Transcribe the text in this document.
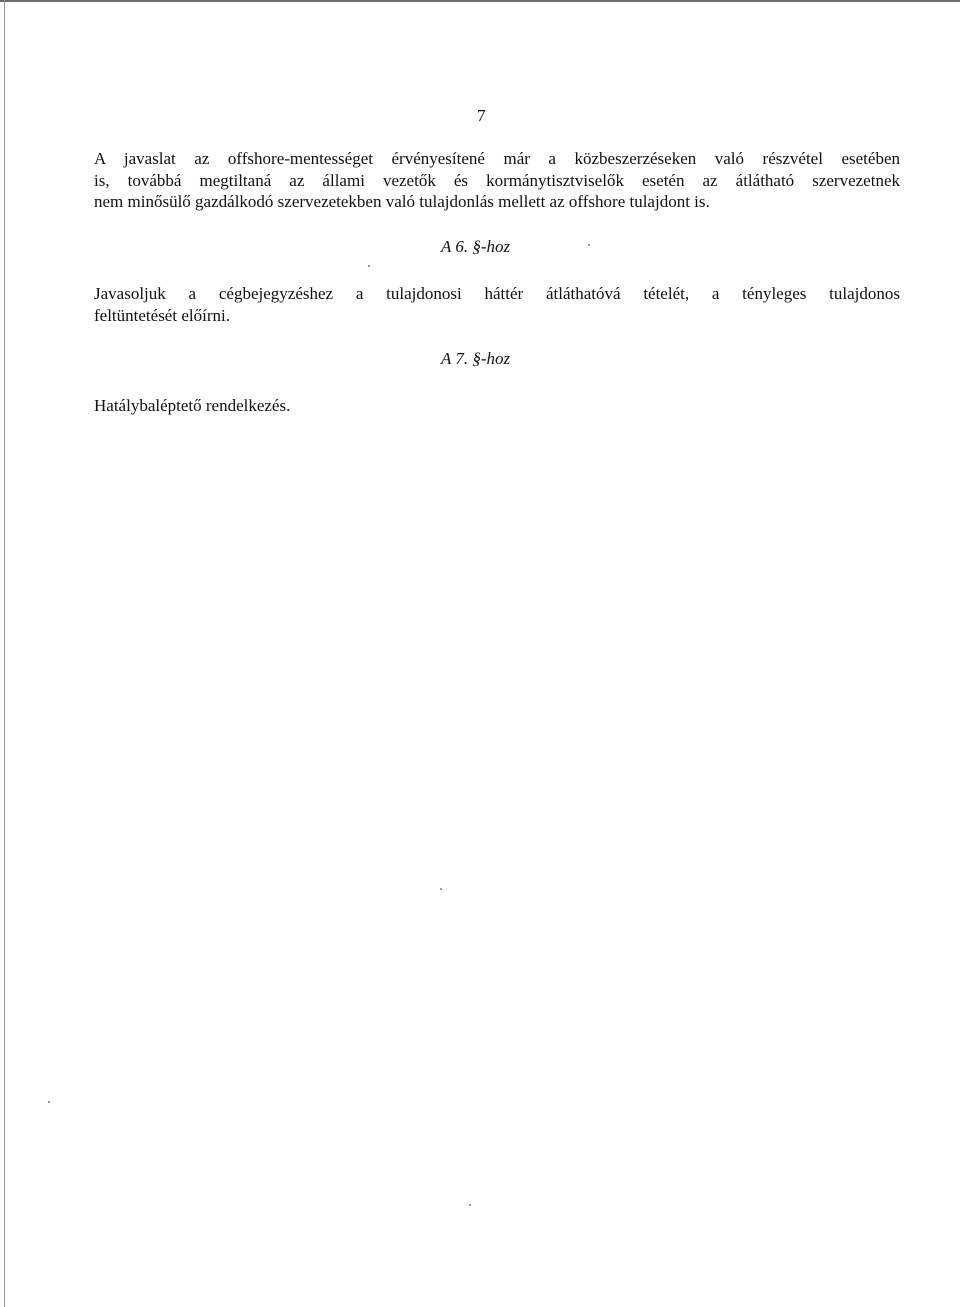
7

A javaslat az offshore-mentességet érvényesítené már a közbeszerzéseken való részvétel esetében
is, továbbá megtiltaná az állami vezetők és kormánytisztviselők esetén az átlátható szervezetnek
nem minősülő gazdálkodó szervezetekben való tulajdonlás mellett az offshore tulajdont is.

A 6. §-hoz

Javasoljuk a cégbejegyzéshez a tulajdonosi háttér átláthatóvá tételét, a tényleges tulajdonos
feltüntetését előírni.

A 7. §-hoz

Hatálybaléptető rendelkezés.
